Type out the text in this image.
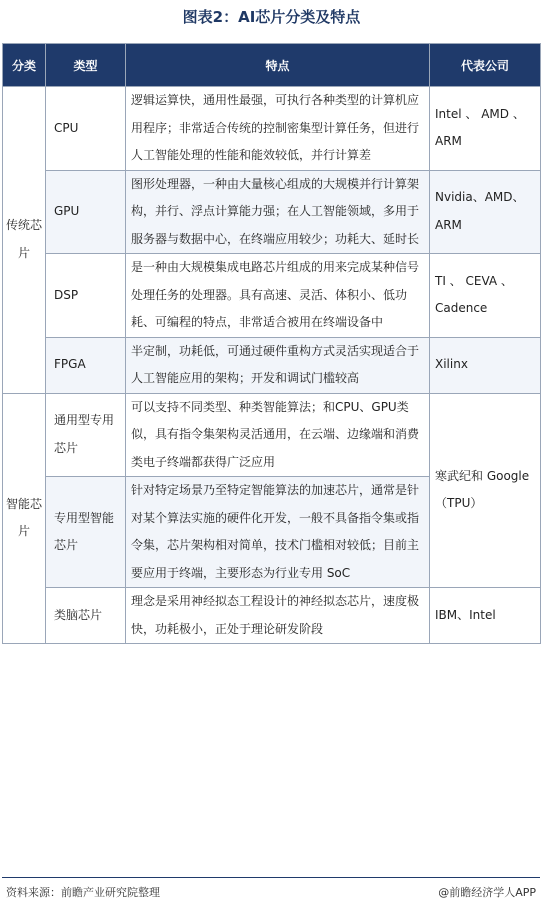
图表2：AI芯片分类及特点
分类	类型	特点	代表公司
传统芯片	CPU	逻辑运算快，通用性最强，可执行各种类型的计算机应用程序；非常适合传统的控制密集型计算任务，但进行人工智能处理的性能和能效较低，并行计算差	Intel 、 AMD 、ARM
	GPU	图形处理器，一种由大量核心组成的大规模并行计算架构，并行、浮点计算能力强；在人工智能领域，多用于服务器与数据中心，在终端应用较少；功耗大、延时长	Nvidia、AMD、ARM
	DSP	是一种由大规模集成电路芯片组成的用来完成某种信号处理任务的处理器。具有高速、灵活、体积小、低功耗、可编程的特点，非常适合被用在终端设备中	TI 、 CEVA 、Cadence
	FPGA	半定制，功耗低，可通过硬件重构方式灵活实现适合于人工智能应用的架构；开发和调试门槛较高	Xilinx
智能芯片	通用型专用芯片	可以支持不同类型、种类智能算法；和CPU、GPU类似，具有指令集架构灵活通用，在云端、边缘端和消费类电子终端都获得广泛应用	寒武纪和 Google（TPU）
	专用型智能芯片	针对特定场景乃至特定智能算法的加速芯片，通常是针对某个算法实施的硬件化开发，一般不具备指令集或指令集，芯片架构相对简单，技术门槛相对较低；目前主要应用于终端，主要形态为行业专用 SoC	
	类脑芯片	理念是采用神经拟态工程设计的神经拟态芯片，速度极快，功耗极小，正处于理论研发阶段	IBM、Intel
资料来源：前瞻产业研究院整理	@前瞻经济学人APP
